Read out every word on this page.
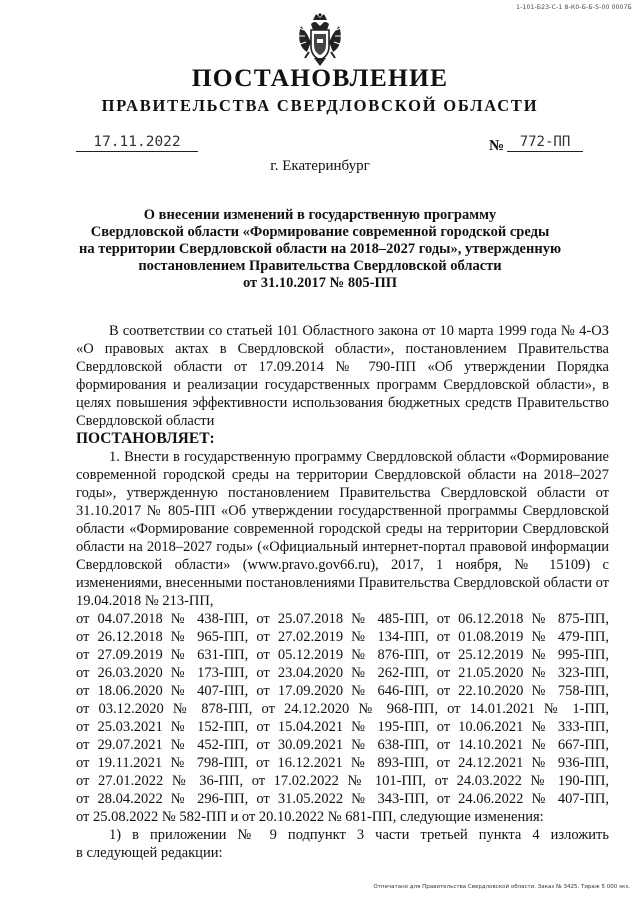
1-101-Б23-С-1 8-К0-Б-Б-5-00 0007Б
ПОСТАНОВЛЕНИЕ
ПРАВИТЕЛЬСТВА СВЕРДЛОВСКОЙ ОБЛАСТИ
17.11.2022	№	772-ПП
г. Екатеринбург
О внесении изменений в государственную программу
Свердловской области «Формирование современной городской среды
на территории Свердловской области на 2018–2027 годы», утвержденную
постановлением Правительства Свердловской области
от 31.10.2017 № 805-ПП

В соответствии со статьей 101 Областного закона от 10 марта 1999 года № 4-ОЗ «О правовых актах в Свердловской области», постановлением Правительства Свердловской области от 17.09.2014 № 790-ПП «Об утверждении Порядка формирования и реализации государственных программ Свердловской области», в целях повышения эффективности использования бюджетных средств Правительство Свердловской области

ПОСТАНОВЛЯЕТ:

1. Внести в государственную программу Свердловской области «Формирование современной городской среды на территории Свердловской области на 2018–2027 годы», утвержденную постановлением Правительства Свердловской области от 31.10.2017 № 805-ПП «Об утверждении государственной программы Свердловской области «Формирование современной городской среды на территории Свердловской области на 2018–2027 годы» («Официальный интернет-портал правовой информации Свердловской области» (www.pravo.gov66.ru), 2017, 1 ноября, № 15109) с изменениями, внесенными постановлениями Правительства Свердловской области от 19.04.2018 № 213-ПП,

от 04.07.2018 № 438-ПП, от 25.07.2018 № 485-ПП, от 06.12.2018 № 875-ПП,
от 26.12.2018 № 965-ПП, от 27.02.2019 № 134-ПП, от 01.08.2019 № 479-ПП,
от 27.09.2019 № 631-ПП, от 05.12.2019 № 876-ПП, от 25.12.2019 № 995-ПП,
от 26.03.2020 № 173-ПП, от 23.04.2020 № 262-ПП, от 21.05.2020 № 323-ПП,
от 18.06.2020 № 407-ПП, от 17.09.2020 № 646-ПП, от 22.10.2020 № 758-ПП,
от 03.12.2020 № 878-ПП, от 24.12.2020 № 968-ПП, от 14.01.2021 № 1-ПП,
от 25.03.2021 № 152-ПП, от 15.04.2021 № 195-ПП, от 10.06.2021 № 333-ПП,
от 29.07.2021 № 452-ПП, от 30.09.2021 № 638-ПП, от 14.10.2021 № 667-ПП,
от 19.11.2021 № 798-ПП, от 16.12.2021 № 893-ПП, от 24.12.2021 № 936-ПП,
от 27.01.2022 № 36-ПП, от 17.02.2022 № 101-ПП, от 24.03.2022 № 190-ПП,
от 28.04.2022 № 296-ПП, от 31.05.2022 № 343-ПП, от 24.06.2022 № 407-ПП,
от 25.08.2022 № 582-ПП и от 20.10.2022 № 681-ПП, следующие изменения:
1) в приложении № 9 подпункт 3 части третьей пункта 4 изложить
в следующей редакции:
Отпечатано для Правительства Свердловской области. Заказ № 3425. Тираж 5 000 экз.
